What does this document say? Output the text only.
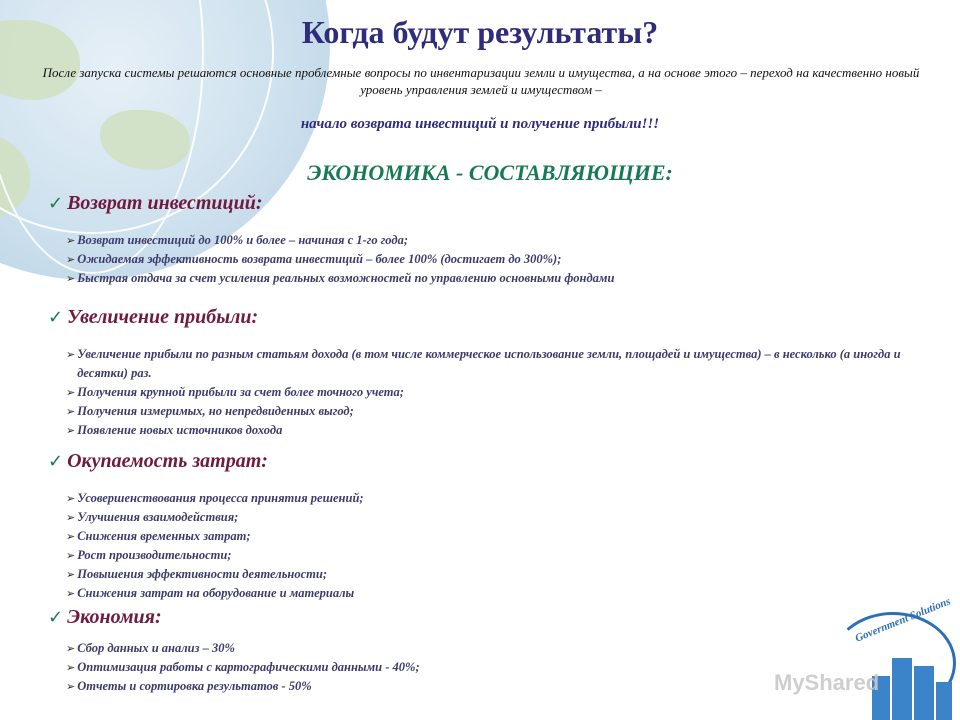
Когда будут результаты?

После запуска системы решаются основные проблемные вопросы по инвентаризации земли и имущества, а на основе этого – переход на качественно новый уровень управления землей и имуществом –

начало возврата инвестиций и получение прибыли!!!

ЭКОНОМИКА - СОСТАВЛЯЮЩИЕ:

✓ Возврат инвестиций:
➢ Возврат инвестиций до 100% и более – начиная с 1-го года;
➢ Ожидаемая эффективность возврата инвестиций – более 100% (достигает до 300%);
➢ Быстрая отдача за счет усиления реальных возможностей по управлению основными фондами
✓ Увеличение прибыли:
➢ Увеличение прибыли по разным статьям дохода (в том числе коммерческое использование земли, площадей и имущества) – в несколько (а иногда и десятки) раз.
➢ Получения крупной прибыли за счет более точного учета;
➢ Получения измеримых, но непредвиденных выгод;
➢ Появление новых источников дохода
✓ Окупаемость затрат:
➢ Усовершенствования процесса принятия решений;
➢ Улучшения взаимодействия;
➢ Снижения временных затрат;
➢ Рост производительности;
➢ Повышения эффективности деятельности;
➢ Снижения затрат на оборудование и материалы
✓ Экономия:
➢ Сбор данных и анализ – 30%
➢ Оптимизация работы с картографическими данными - 40%;
➢ Отчеты и сортировка результатов - 50%
Government Solutions
MyShared
